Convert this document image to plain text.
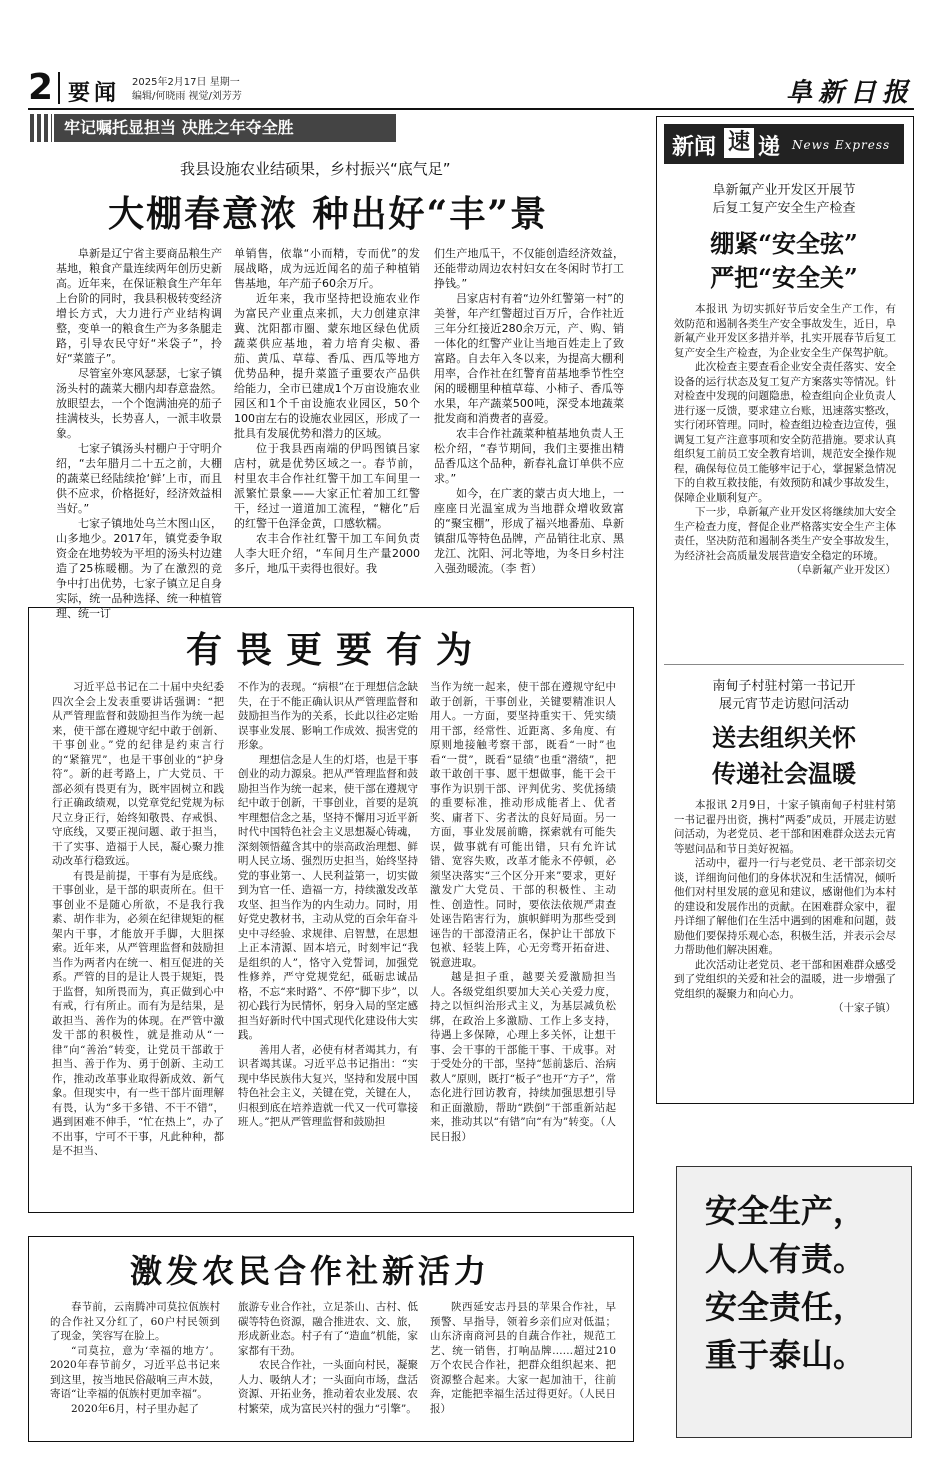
2 要闻 2025年2月17日 星期一
编辑/何晓雨 视觉/刘芳芳	阜新日报
牢记嘱托显担当 决胜之年夺全胜
我县设施农业结硕果，乡村振兴“底气足”
大棚春意浓 种出好“丰”景

阜新是辽宁省主要商品粮生产基地，粮食产量连续两年创历史新高。近年来，在保证粮食生产年年上台阶的同时，我县积极转变经济增长方式，大力进行产业结构调整，变单一的粮食生产为多条腿走路，引导农民守好“米袋子”，拎好“菜篮子”。

尽管室外寒风瑟瑟，七家子镇汤头村的蔬菜大棚内却春意盎然。放眼望去，一个个饱满油亮的茄子挂满枝头，长势喜人，一派丰收景象。

七家子镇汤头村棚户于守明介绍，“去年腊月二十五之前，大棚的蔬菜已经陆续抢‘鲜’上市，而且供不应求，价格挺好，经济效益相当好。”

七家子镇地处乌兰木图山区，山多地少。2017年，镇党委争取资金在地势较为平坦的汤头村边建造了25栋暖棚。为了在激烈的竞争中打出优势，七家子镇立足自身实际，统一品种选择、统一种植管理、统一订

单销售，依靠“小而精，专而优”的发展战略，成为远近闻名的茄子种植销售基地，年产茄子60余万斤。

近年来，我市坚持把设施农业作为富民产业重点来抓，大力创建京津冀、沈阳都市圈、蒙东地区绿色优质蔬菜供应基地，着力培育尖椒、番茄、黄瓜、草莓、香瓜、西瓜等地方优势品种，提升菜篮子重要农产品供给能力，全市已建成1个万亩设施农业园区和1个千亩设施农业园区，50个100亩左右的设施农业园区，形成了一批具有发展优势和潜力的区域。

位于我县西南端的伊吗图镇吕家店村，就是优势区域之一。春节前，村里农丰合作社红警干加工车间里一派繁忙景象——大家正忙着加工红警干，经过一道道加工流程，“糖化”后的红警干色泽金黄，口感软糯。

农丰合作社红警干加工车间负责人李大旺介绍，“车间月生产量2000多斤，地瓜干卖得也很好。我

们生产地瓜干，不仅能创造经济效益，还能带动周边农村妇女在冬闲时节打工挣钱。”

吕家店村有着“边外红警第一村”的美誉，年产红警超过百万斤，合作社近三年分红接近280余万元，产、购、销一体化的红警产业让当地百姓走上了致富路。自去年入冬以来，为提高大棚利用率，合作社在红警育苗基地季节性空闲的暖棚里种植草莓、小柿子、香瓜等水果，年产蔬菜500吨，深受本地蔬菜批发商和消费者的喜爱。

农丰合作社蔬菜种植基地负责人王松介绍，“春节期间，我们主要推出精品香瓜这个品种，新春礼盒订单供不应求。”

如今，在广袤的蒙古贞大地上，一座座日光温室成为当地群众增收致富的“聚宝棚”，形成了福兴地番茄、阜新镇甜瓜等特色品牌，产品销往北京、黑龙江、沈阳、河北等地，为冬日乡村注入强劲暖流。（李 哲）

有畏更要有为

习近平总书记在二十届中央纪委四次全会上发表重要讲话强调：“把从严管理监督和鼓励担当作为统一起来，使干部在遵规守纪中敢于创新、干事创业。”党的纪律是约束言行的“紧箍咒”，也是干事创业的“护身符”。新的赶考路上，广大党员、干部必须有畏更有为，既牢固树立和践行正确政绩观，以党章党纪党规为标尺立身正行，始终知敬畏、存戒惧、守底线，又要正视问题、敢于担当，干了实事、造福于人民，凝心聚力推动改革行稳致远。

有畏是前提，干事有为是底线。干事创业，是干部的职责所在。但干事创业不是随心所欲，不是我行我素、胡作非为，必须在纪律规矩的框架内干事，才能放开手脚，大胆探索。近年来，从严管理监督和鼓励担当作为两者内在统一、相互促进的关系。严管的目的是让人畏于规矩，畏于监督，知所畏而为，真正做到心中有戒，行有所止。而有为是结果，是敢担当、善作为的体现。在严管中激发干部的积极性，就是推动从“一律”向“善治”转变，让党员干部敢于担当、善于作为、勇于创新、主动工作，推动改革事业取得新成效、新气象。但现实中，有一些干部片面理解有畏，认为“多干多错、不干不错”，遇到困难不伸手，“忙在热上”，办了不出事，宁可不干事，凡此种种，都是不担当、

不作为的表现。“病根”在于理想信念缺失，在于不能正确认识从严管理监督和鼓励担当作为的关系，长此以往必定贻误事业发展、影响工作成效、损害党的形象。

理想信念是人生的灯塔，也是干事创业的动力源泉。把从严管理监督和鼓励担当作为统一起来，使干部在遵规守纪中敢于创新，干事创业，首要的是筑牢理想信念之基，坚持不懈用习近平新时代中国特色社会主义思想凝心铸魂，深刻领悟蕴含其中的崇高政治理想、鲜明人民立场、强烈历史担当，始终坚持党的事业第一、人民利益第一，切实做到为官一任、造福一方，持续激发改革攻坚、担当作为的内生动力。同时，用好党史教材书，主动从党的百余年奋斗史中寻经验、求规律、启智慧，在思想上正本清源、固本培元，时刻牢记“我是组织的人”，恪守入党誓词，加强党性修养，严守党规党纪，砥砺忠诚品格，不忘“来时路”、不停“脚下步”，以初心践行为民情怀，躬身入局的坚定感担当好新时代中国式现代化建设伟大实践。

善用人者，必使有材者竭其力，有识者竭其谋。习近平总书记指出：“实现中华民族伟大复兴，坚持和发展中国特色社会主义，关键在党，关键在人，归根到底在培养造就一代又一代可靠接班人。”把从严管理监督和鼓励担

当作为统一起来，使干部在遵规守纪中敢于创新，干事创业，关键要精准识人用人。一方面，要坚持重实干、凭实绩用干部，经常性、近距离、多角度、有原则地接触考察干部，既看“一时”也看“一贯”，既看“显绩”也重“潜绩”，把敢干敢创干事、愿干想做事，能干会干事作为识别干部、评判优劣、奖优扬绩的重要标准，推动形成能者上、优者奖、庸者下、劣者汰的良好局面。另一方面，事业发展前瞻，探索就有可能失误，做事就有可能出错，只有允许试错、宽容失败，改革才能永不停顿，必须坚决落实“三个区分开来”要求，更好激发广大党员、干部的积极性、主动性、创造性。同时，要依法依规严肃查处诬告陷害行为，旗帜鲜明为那些受到诬告的干部澄清正名，保护让干部放下包袱、轻装上阵，心无旁骛开拓奋进、锐意进取。

越是担子重，越要关爱激励担当人。各级党组织要加大关心关爱力度，持之以恒纠治形式主义，为基层减负松绑，在政治上多激励、工作上多支持，待遇上多保障，心理上多关怀，让想干事、会干事的干部能干事、干成事。对于受处分的干部，坚持“惩前毖后、治病救人”原则，既打“板子”也开“方子”，常态化进行回访教育，持续加强思想引导和正面激励，帮助“跌倒”干部重新站起来，推动其以“有错”向“有为”转变。（人民日报）

激发农民合作社新活力

春节前，云南腾冲司莫拉佤族村的合作社又分红了，60户村民领到了现金，笑容写在脸上。

“司莫拉，意为‘幸福的地方’。2020年春节前夕，习近平总书记来到这里，按当地民俗敲响三声木鼓，寄语“让幸福的佤族村更加幸福”。

2020年6月，村子里办起了

旅游专业合作社，立足茶山、古村、低碳等特色资源，融合推进农、文、旅，形成新业态。村子有了“造血”机能，家家都有干劲。

农民合作社，一头面向村民，凝聚人力、吸纳人才；一头面向市场，盘活资源、开拓业务，推动着农业发展、农村繁荣，成为富民兴村的强力“引擎”。

陕西延安志丹县的苹果合作社，早预警、早指导，领着乡亲们应对低温；山东济南商河县的自蔬合作社，规范工艺、统一销售，打响品牌……超过210万个农民合作社，把群众组织起来、把资源整合起来。大家一起加油干，往前奔，定能把幸福生活过得更好。（人民日报）

新闻 速 递 News Express
阜新氟产业开发区开展节
后复工复产安全生产检查
绷紧“安全弦”
严把“安全关”

本报讯 为切实抓好节后安全生产工作，有效防范和遏制各类生产安全事故发生，近日，阜新氟产业开发区多措并举，扎实开展春节后复工复产安全生产检查，为企业安全生产保驾护航。

此次检查主要查看企业安全责任落实、安全设备的运行状态及复工复产方案落实等情况。针对检查中发现的问题隐患，检查组向企业负责人进行逐一反馈，要求建立台账，迅速落实整改，实行闭环管理。同时，检查组边检查边宣传，强调复工复产注意事项和安全防范措施。要求认真组织复工前员工安全教育培训，规范安全操作规程，确保每位员工能够牢记于心，掌握紧急情况下的自救互救技能，有效预防和减少事故发生，保障企业顺利复产。

下一步，阜新氟产业开发区将继续加大安全生产检查力度，督促企业严格落实安全生产主体责任，坚决防范和遏制各类生产安全事故发生，为经济社会高质量发展营造安全稳定的环境。

（阜新氟产业开发区）
南甸子村驻村第一书记开
展元宵节走访慰问活动
送去组织关怀
传递社会温暖

本报讯 2月9日，十家子镇南甸子村驻村第一书记翟丹出资，携村“两委”成员，开展走访慰问活动，为老党员、老干部和困难群众送去元宵等慰问品和节日美好祝福。

活动中，翟丹一行与老党员、老干部亲切交谈，详细询问他们的身体状况和生活情况，倾听他们对村里发展的意见和建议，感谢他们为本村的建设和发展作出的贡献。在困难群众家中，翟丹详细了解他们在生活中遇到的困难和问题，鼓励他们要保持乐观心态，积极生活，并表示会尽力帮助他们解决困难。

此次活动让老党员、老干部和困难群众感受到了党组织的关爱和社会的温暖，进一步增强了党组织的凝聚力和向心力。

（十家子镇）
安全生产，
人人有责。
安全责任，
重于泰山。
